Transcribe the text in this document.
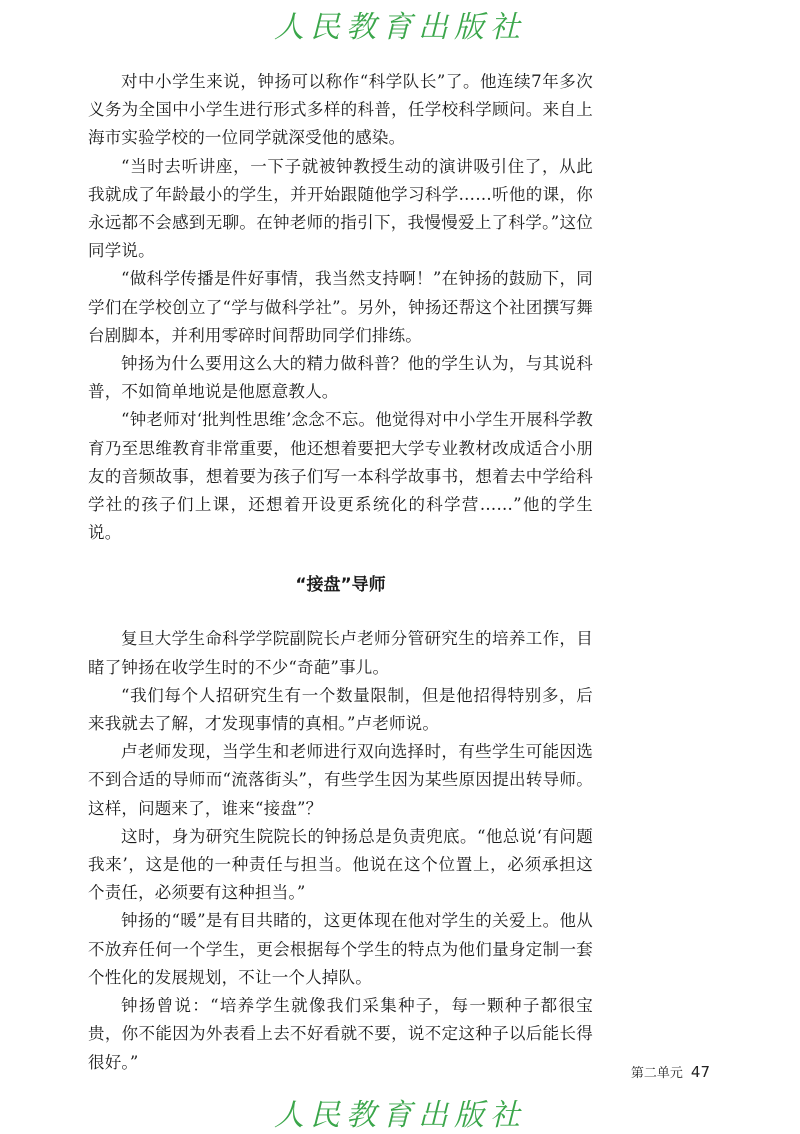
人民教育出版社

对中小学生来说，钟扬可以称作“科学队长”了。他连续7年多次义务为全国中小学生进行形式多样的科普，任学校科学顾问。来自上海市实验学校的一位同学就深受他的感染。

“当时去听讲座，一下子就被钟教授生动的演讲吸引住了，从此我就成了年龄最小的学生，并开始跟随他学习科学……听他的课，你永远都不会感到无聊。在钟老师的指引下，我慢慢爱上了科学。”这位同学说。

“做科学传播是件好事情，我当然支持啊！”在钟扬的鼓励下，同学们在学校创立了“学与做科学社”。另外，钟扬还帮这个社团撰写舞台剧脚本，并利用零碎时间帮助同学们排练。

钟扬为什么要用这么大的精力做科普？他的学生认为，与其说科普，不如简单地说是他愿意教人。

“钟老师对‘批判性思维’念念不忘。他觉得对中小学生开展科学教育乃至思维教育非常重要，他还想着要把大学专业教材改成适合小朋友的音频故事，想着要为孩子们写一本科学故事书，想着去中学给科学社的孩子们上课，还想着开设更系统化的科学营……”他的学生说。

“接盘”导师

复旦大学生命科学学院副院长卢老师分管研究生的培养工作，目睹了钟扬在收学生时的不少“奇葩”事儿。

“我们每个人招研究生有一个数量限制，但是他招得特别多，后来我就去了解，才发现事情的真相。”卢老师说。

卢老师发现，当学生和老师进行双向选择时，有些学生可能因选不到合适的导师而“流落街头”，有些学生因为某些原因提出转导师。这样，问题来了，谁来“接盘”？

这时，身为研究生院院长的钟扬总是负责兜底。“他总说‘有问题我来’，这是他的一种责任与担当。他说在这个位置上，必须承担这个责任，必须要有这种担当。”

钟扬的“暖”是有目共睹的，这更体现在他对学生的关爱上。他从不放弃任何一个学生，更会根据每个学生的特点为他们量身定制一套个性化的发展规划，不让一个人掉队。

钟扬曾说：“培养学生就像我们采集种子，每一颗种子都很宝贵，你不能因为外表看上去不好看就不要，说不定这种子以后能长得很好。”

第二单元 47
人民教育出版社
